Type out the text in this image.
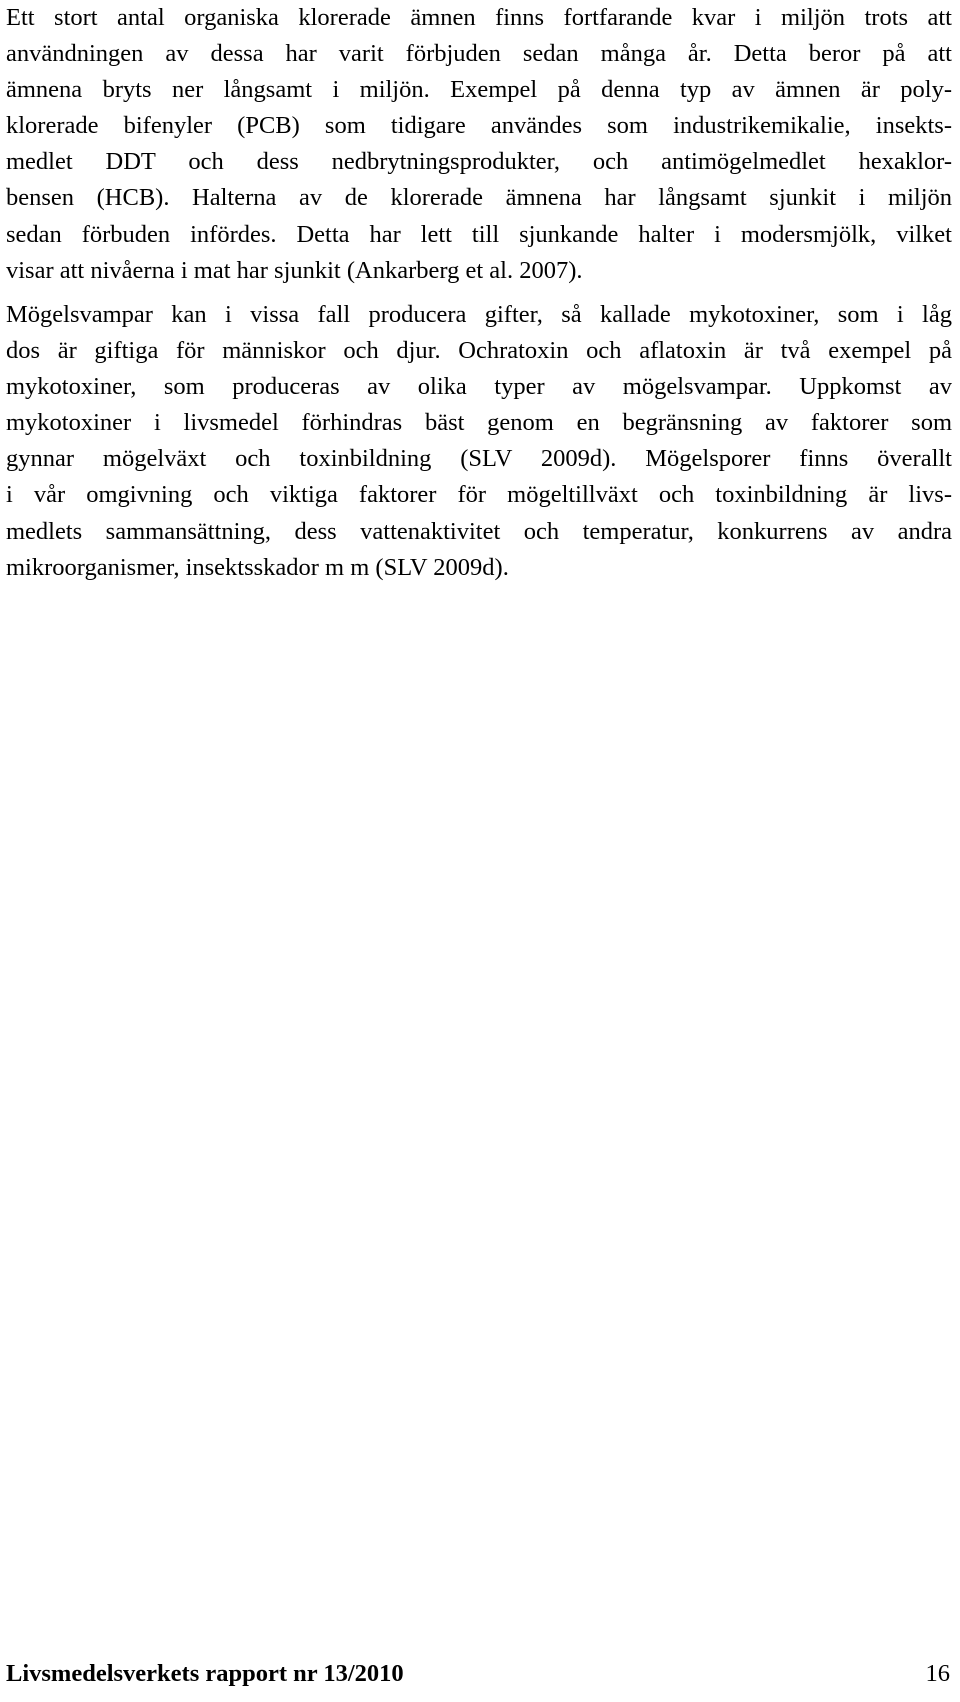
Ett stort antal organiska klorerade ämnen finns fortfarande kvar i miljön trots att
användningen av dessa har varit förbjuden sedan många år. Detta beror på att
ämnena bryts ner långsamt i miljön. Exempel på denna typ av ämnen är poly-
klorerade bifenyler (PCB) som tidigare användes som industrikemikalie, insekts-
medlet DDT och dess nedbrytningsprodukter, och antimögelmedlet hexaklor-
bensen (HCB). Halterna av de klorerade ämnena har långsamt sjunkit i miljön
sedan förbuden infördes. Detta har lett till sjunkande halter i modersmjölk, vilket
visar att nivåerna i mat har sjunkit (Ankarberg et al. 2007).
Mögelsvampar kan i vissa fall producera gifter, så kallade mykotoxiner, som i låg
dos är giftiga för människor och djur. Ochratoxin och aflatoxin är två exempel på
mykotoxiner, som produceras av olika typer av mögelsvampar. Uppkomst av
mykotoxiner i livsmedel förhindras bäst genom en begränsning av faktorer som
gynnar mögelväxt och toxinbildning (SLV 2009d). Mögelsporer finns överallt
i vår omgivning och viktiga faktorer för mögeltillväxt och toxinbildning är livs-
medlets sammansättning, dess vattenaktivitet och temperatur, konkurrens av andra
mikroorganismer, insektsskador m m (SLV 2009d).
Livsmedelsverkets rapport nr 13/2010	16
